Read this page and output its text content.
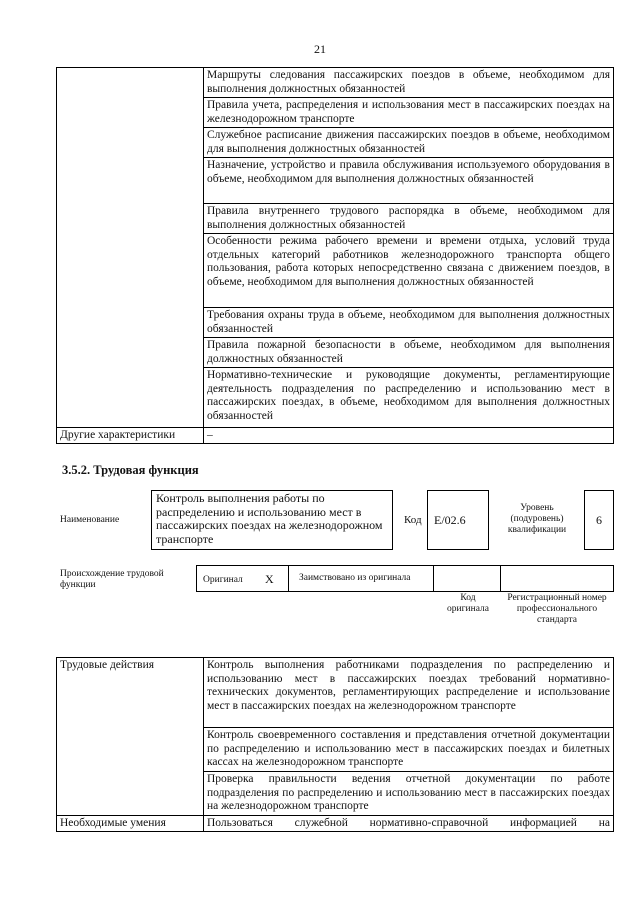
21
	Маршруты следования пассажирских поездов в объеме, необходимом для выполнения должностных обязанностей
	Правила учета, распределения и использования мест в пассажирских поездах на железнодорожном транспорте
	Служебное расписание движения пассажирских поездов в объеме, необходимом для выполнения должностных обязанностей
	Назначение, устройство и правила обслуживания используемого оборудования в объеме, необходимом для выполнения должностных обязанностей
	Правила внутреннего трудового распорядка в объеме, необходимом для выполнения должностных обязанностей
	Особенности режима рабочего времени и времени отдыха, условий труда отдельных категорий работников железнодорожного транспорта общего пользования, работа которых непосредственно связана с движением поездов, в объеме, необходимом для выполнения должностных обязанностей
	Требования охраны труда в объеме, необходимом для выполнения должностных обязанностей
	Правила пожарной безопасности в объеме, необходимом для выполнения должностных обязанностей
	Нормативно-технические и руководящие документы, регламентирующие деятельность подразделения по распределению и использованию мест в пассажирских поездах, в объеме, необходимом для выполнения должностных обязанностей
Другие характеристики	–
3.5.2. Трудовая функция
Наименование
Контроль выполнения работы по распределению и использованию мест в пассажирских поездах на железнодорожном транспорте
Код	E/02.6
Уровень (подуровень) квалификации
6
Происхождение трудовой функции	Оригинал X	Заимствовано из оригинала
Код оригинала
Регистрационный номер профессионального стандарта
Трудовые действия	Контроль выполнения работниками подразделения по распределению и использованию мест в пассажирских поездах требований нормативно-технических документов, регламентирующих распределение и использование мест в пассажирских поездах на железнодорожном транспорте
	Контроль своевременного составления и представления отчетной документации по распределению и использованию мест в пассажирских поездах и билетных кассах на железнодорожном транспорте
	Проверка правильности ведения отчетной документации по работе подразделения по распределению и использованию мест в пассажирских поездах на железнодорожном транспорте
Необходимые умения	Пользоваться служебной нормативно-справочной информацией на
